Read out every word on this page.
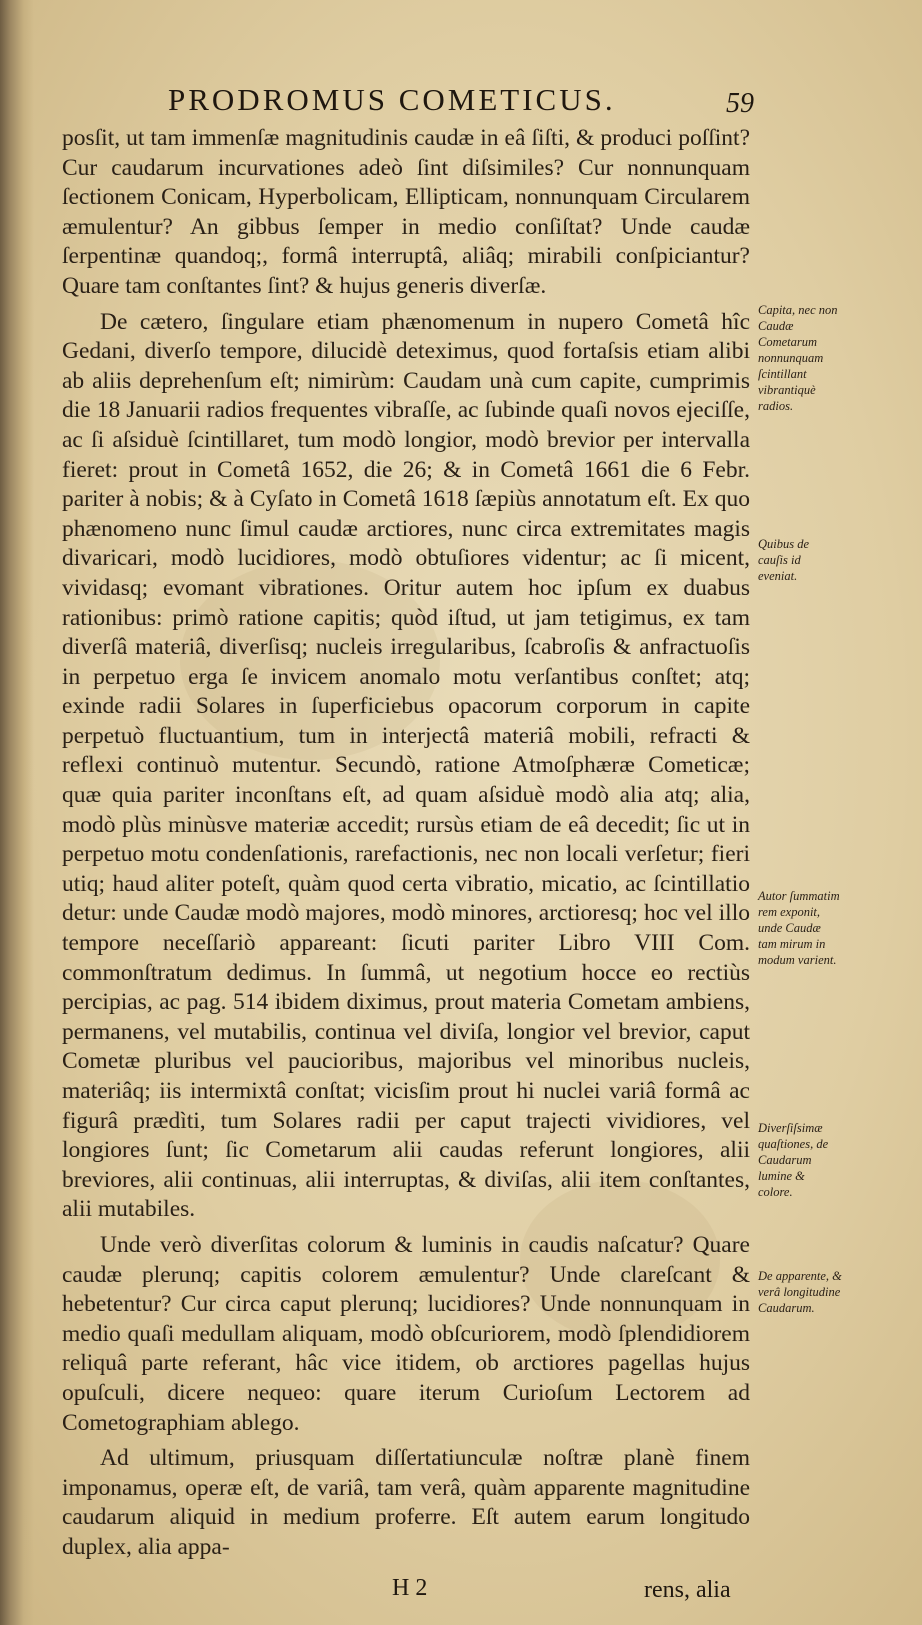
PRODROMUS COMETICUS.	59

posſit, ut tam immenſæ magnitudinis caudæ in eâ ſiſti, & produci poſſint? Cur caudarum incurvationes adeò ſint diſsimiles? Cur nonnunquam ſectionem Conicam, Hyperbolicam, Ellipticam, nonnunquam Circularem æmulentur? An gibbus ſemper in medio conſiſtat? Unde caudæ ſerpentinæ quandoq;, formâ interruptâ, aliâq; mirabili conſpiciantur? Quare tam conſtantes ſint? & hujus generis diverſæ.

De cætero, ſingulare etiam phænomenum in nupero Cometâ hîc Gedani, diverſo tempore, dilucidè deteximus, quod fortaſsis etiam alibi ab aliis deprehenſum eſt; nimirùm: Caudam unà cum capite, cumprimis die 18 Januarii radios frequentes vibraſſe, ac ſubinde quaſi novos ejeciſſe, ac ſi aſsiduè ſcintillaret, tum modò longior, modò brevior per intervalla fieret: prout in Cometâ 1652, die 26; & in Cometâ 1661 die 6 Febr. pariter à nobis; & à Cyſato in Cometâ 1618 ſæpiùs annotatum eſt. Ex quo phænomeno nunc ſimul caudæ arctiores, nunc circa extremitates magis divaricari, modò lucidiores, modò obtuſiores videntur; ac ſi micent, vividasq; evomant vibrationes. Oritur autem hoc ipſum ex duabus rationibus: primò ratione capitis; quòd iſtud, ut jam tetigimus, ex tam diverſâ materiâ, diverſisq; nucleis irregularibus, ſcabroſis & anfractuoſis in perpetuo erga ſe invicem anomalo motu verſantibus conſtet; atq; exinde radii Solares in ſuperficiebus opacorum corporum in capite perpetuò fluctuantium, tum in interjectâ materiâ mobili, refracti & reflexi continuò mutentur. Secundò, ratione Atmoſphæræ Cometicæ; quæ quia pariter inconſtans eſt, ad quam aſsiduè modò alia atq; alia, modò plùs minùsve materiæ accedit; rursùs etiam de eâ decedit; ſic ut in perpetuo motu condenſationis, rarefactionis, nec non locali verſetur; fieri utiq; haud aliter poteſt, quàm quod certa vibratio, micatio, ac ſcintillatio detur: unde Caudæ modò majores, modò minores, arctioresq; hoc vel illo tempore neceſſariò appareant: ſicuti pariter Libro VIII Com. commonſtratum dedimus. In ſummâ, ut negotium hocce eo rectiùs percipias, ac pag. 514 ibidem diximus, prout materia Cometam ambiens, permanens, vel mutabilis, continua vel diviſa, longior vel brevior, caput Cometæ pluribus vel paucioribus, majoribus vel minoribus nucleis, materiâq; iis intermixtâ conſtat; vicisſim prout hi nuclei variâ formâ ac figurâ prædìti, tum Solares radii per caput trajecti vividiores, vel longiores ſunt; ſic Cometarum alii caudas referunt longiores, alii breviores, alii continuas, alii interruptas, & diviſas, alii item conſtantes, alii mutabiles.

Unde verò diverſitas colorum & luminis in caudis naſcatur? Quare caudæ plerunq; capitis colorem æmulentur? Unde clareſcant & hebetentur? Cur circa caput plerunq; lucidiores? Unde nonnunquam in medio quaſi medullam aliquam, modò obſcuriorem, modò ſplendidiorem reliquâ parte referant, hâc vice itidem, ob arctiores pagellas hujus opuſculi, dicere nequeo: quare iterum Curioſum Lectorem ad Cometographiam ablego.

Ad ultimum, priusquam diſſertatiunculæ noſtræ planè finem imponamus, operæ eſt, de variâ, tam verâ, quàm apparente magnitudine caudarum aliquid in medium proferre. Eſt autem earum longitudo duplex, alia appa-

Capita, nec non Caudæ Cometarum nonnunquam ſcintillant vibrantiquè radios.
Quibus de cauſis id eveniat.
Autor ſummatim rem exponit, unde Caudæ tam mirum in modum varient.
Diverſiſsimæ quaſtiones, de Caudarum lumine & colore.
De apparente, & verâ longitudine Caudarum.
H 2	rens, alia
